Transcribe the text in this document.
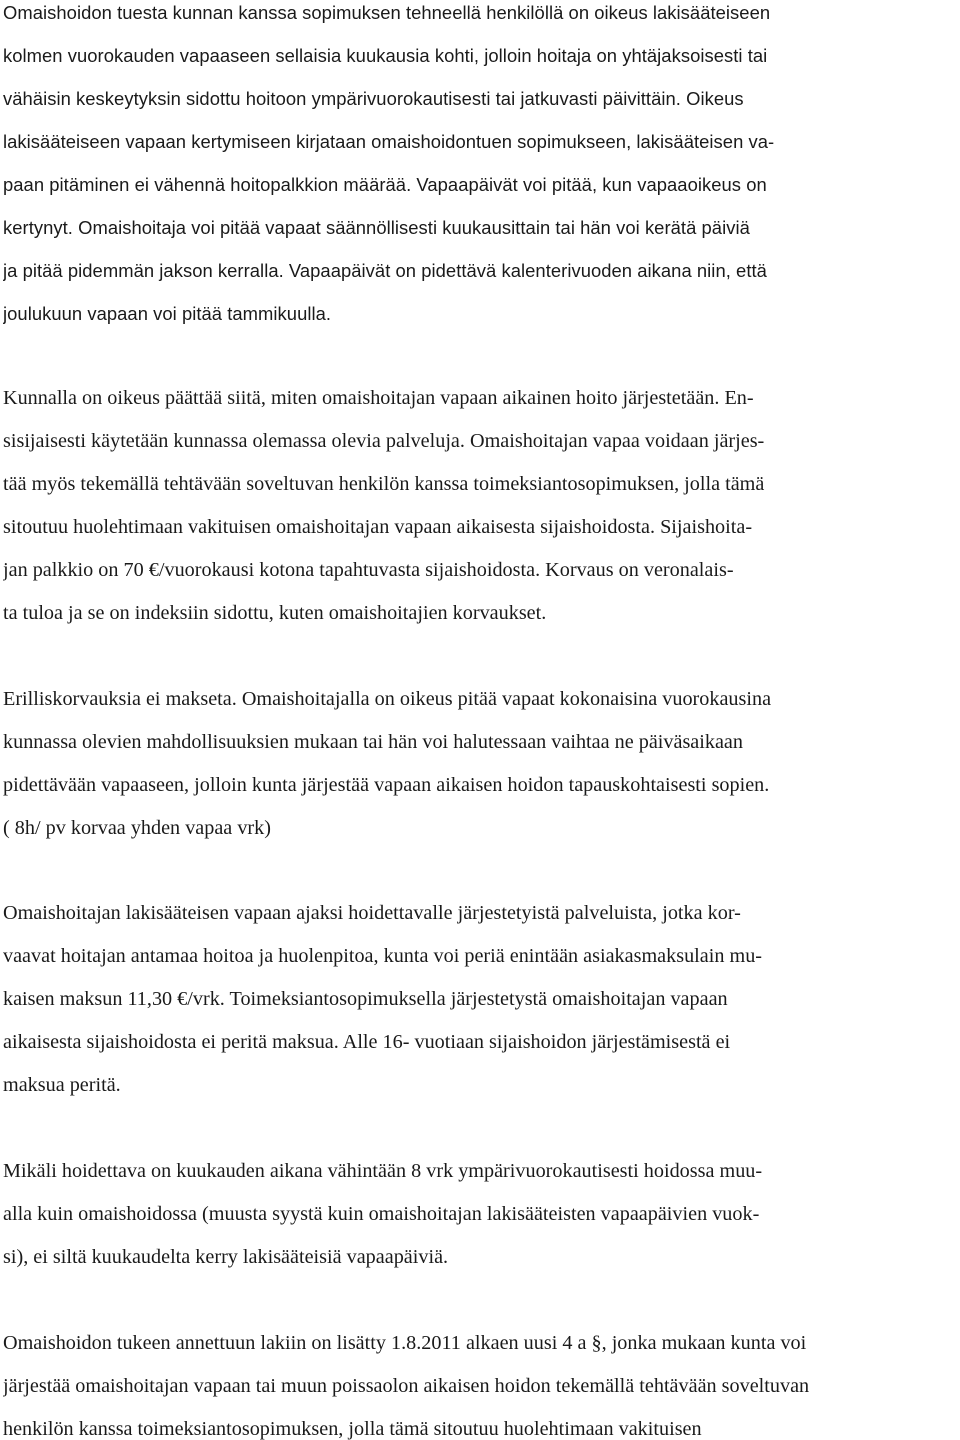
Omaishoidon tuesta kunnan kanssa sopimuksen tehneellä henkilöllä on oikeus lakisääteiseen
kolmen vuorokauden vapaaseen sellaisia kuukausia kohti, jolloin hoitaja on yhtäjaksoisesti tai
vähäisin keskeytyksin sidottu hoitoon ympärivuorokautisesti tai jatkuvasti päivittäin. Oikeus
lakisääteiseen vapaan kertymiseen kirjataan omaishoidontuen sopimukseen, lakisääteisen va-
paan pitäminen ei vähennä hoitopalkkion määrää. Vapaapäivät voi pitää, kun vapaaoikeus on
kertynyt. Omaishoitaja voi pitää vapaat säännöllisesti kuukausittain tai hän voi kerätä päiviä
ja pitää pidemmän jakson kerralla. Vapaapäivät on pidettävä kalenterivuoden aikana niin, että
joulukuun vapaan voi pitää tammikuulla.
Kunnalla on oikeus päättää siitä, miten omaishoitajan vapaan aikainen hoito järjestetään. En-
sisijaisesti käytetään kunnassa olemassa olevia palveluja. Omaishoitajan vapaa voidaan järjes-
tää myös tekemällä tehtävään soveltuvan henkilön kanssa toimeksiantosopimuksen, jolla tämä
sitoutuu huolehtimaan vakituisen omaishoitajan vapaan aikaisesta sijaishoidosta. Sijaishoita-
jan palkkio on 70 €/vuorokausi kotona tapahtuvasta sijaishoidosta. Korvaus on veronalais-
ta tuloa ja se on indeksiin sidottu, kuten omaishoitajien korvaukset.
Erilliskorvauksia ei makseta. Omaishoitajalla on oikeus pitää vapaat kokonaisina vuorokausina
kunnassa olevien mahdollisuuksien mukaan tai hän voi halutessaan vaihtaa ne päiväsaikaan
pidettävään vapaaseen, jolloin kunta järjestää vapaan aikaisen hoidon tapauskohtaisesti sopien.
( 8h/ pv korvaa yhden vapaa vrk)
Omaishoitajan lakisääteisen vapaan ajaksi hoidettavalle järjestetyistä palveluista, jotka kor-
vaavat hoitajan antamaa hoitoa ja huolenpitoa, kunta voi periä enintään asiakasmaksulain mu-
kaisen maksun 11,30 €/vrk. Toimeksiantosopimuksella järjestetystä omaishoitajan vapaan
aikaisesta sijaishoidosta ei peritä maksua. Alle 16- vuotiaan sijaishoidon järjestämisestä ei
maksua peritä.
Mikäli hoidettava on kuukauden aikana vähintään 8 vrk ympärivuorokautisesti hoidossa muu-
alla kuin omaishoidossa (muusta syystä kuin omaishoitajan lakisääteisten vapaapäivien vuok-
si), ei siltä kuukaudelta kerry lakisääteisiä vapaapäiviä.
Omaishoidon tukeen annettuun lakiin on lisätty 1.8.2011 alkaen uusi 4 a §, jonka mukaan kunta voi
järjestää omaishoitajan vapaan tai muun poissaolon aikaisen hoidon tekemällä tehtävään soveltuvan
henkilön kanssa toimeksiantosopimuksen, jolla tämä sitoutuu huolehtimaan vakituisen
